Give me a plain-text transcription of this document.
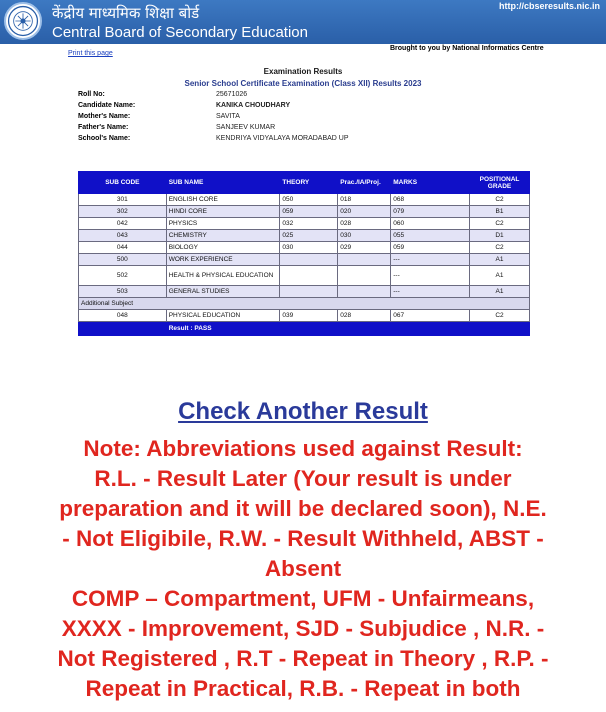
केंद्रीय माध्यमिक शिक्षा बोर्ड
Central Board of Secondary Education
http://cbseresults.nic.in
Print this page
Brought to you by National Informatics Centre
Examination Results
Senior School Certificate Examination (Class XII) Results 2023
Roll No:	25671026
Candidate Name:	KANIKA CHOUDHARY
Mother's Name:	SAVITA
Father's Name:	SANJEEV KUMAR
School's Name:	KENDRIYA VIDYALAYA MORADABAD UP
SUB CODE	SUB NAME	THEORY	Prac./IA/Proj.	MARKS	POSITIONAL GRADE
301	ENGLISH CORE	050	018	068	C2
302	HINDI CORE	059	020	079	B1
042	PHYSICS	032	028	060	C2
043	CHEMISTRY	025	030	055	D1
044	BIOLOGY	030	029	059	C2
500	WORK EXPERIENCE			---	A1
502	HEALTH & PHYSICAL EDUCATION			---	A1
503	GENERAL STUDIES			---	A1
Additional Subject					
048	PHYSICAL EDUCATION	039	028	067	C2
	Result : PASS				
Check Another Result
Note: Abbreviations used against Result:
R.L. - Result Later (Your result is under
preparation and it will be declared soon), N.E.
- Not Eligibile, R.W. - Result Withheld, ABST -
Absent
COMP – Compartment, UFM - Unfairmeans,
XXXX - Improvement, SJD - Subjudice , N.R. -
Not Registered , R.T - Repeat in Theory , R.P. -
Repeat in Practical, R.B. - Repeat in both
